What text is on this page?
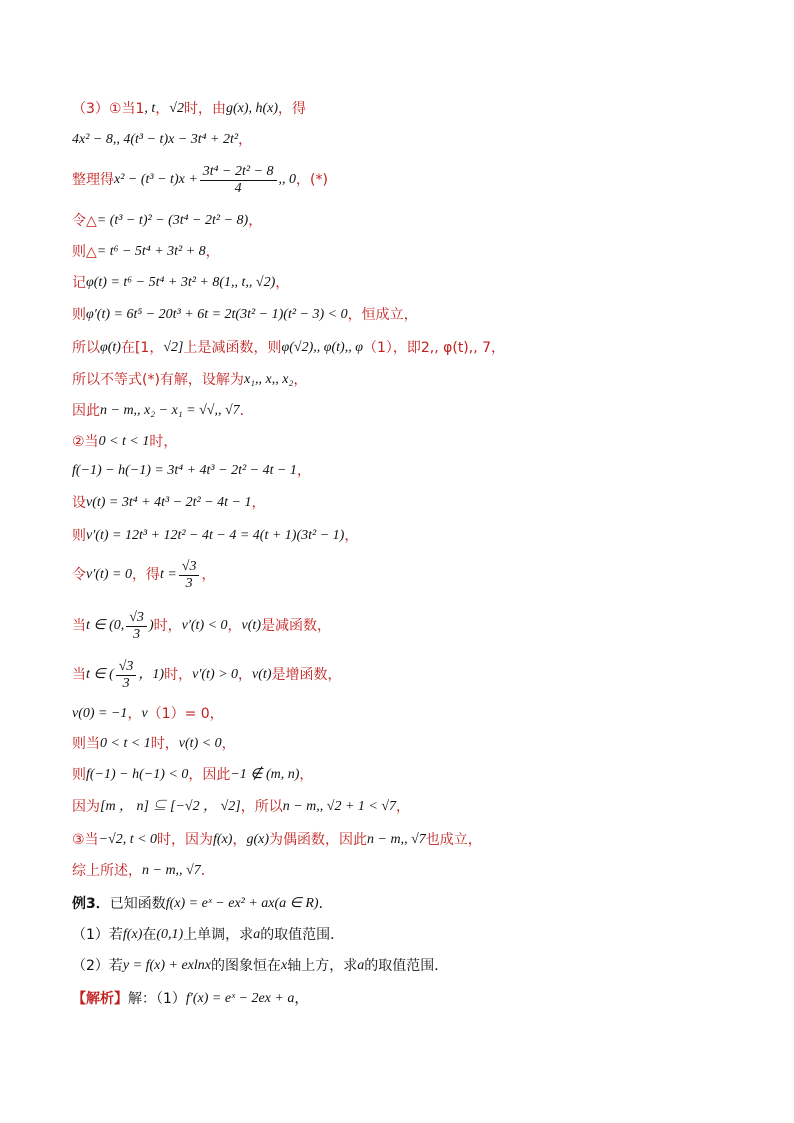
（3）①当1 , t ， √2 时，由 g(x), h(x) ，得
4x² − 8,, 4(t³ − t)x − 3t⁴ + 2t² ，
整理得 $x^2 - (t^3 - t)x + \frac{\text{3t⁴ − 2t² − 8}}{4}$ ,, 0 ，(*)
令△ = (t³ − t)² − (3t⁴ − 2t² − 8) ，
则△ = t⁶ − 5t⁴ + 3t² + 8 ，
记 φ(t) = t⁶ − 5t⁴ + 3t² + 8(1,, t,, √2) ，
则 φ′(t) = 6t⁵ − 20t³ + 6t = 2t(3t² − 1)(t² − 3) < 0 ，恒成立，
所以 φ(t) 在[1， √2] 上是减函数，则 φ(√2),, φ(t),, φ （1），即2,, φ(t),, 7，
所以不等式(*)有解，设解为 x₁,, x,, x₂ ，
因此 n − m,, x₂ − x₁ = √√,, √7 ．
②当 0 < t < 1 时，
f(−1) − h(−1) = 3t⁴ + 4t³ − 2t² − 4t − 1 ，
设 v(t) = 3t⁴ + 4t³ − 2t² − 4t − 1 ，
则 v′(t) = 12t³ + 12t² − 4t − 4 = 4(t + 1)(3t² − 1) ，
令 v′(t) = 0 ，得 $t = \frac{√3}{3}$ ，
当 t ∈ (0, $\frac{√3}{3}$ ) 时， v′(t) < 0 ， v(t) 是减函数，
当 t ∈ ( $\frac{√3}{3}$ ，1) 时， v′(t) > 0 ， v(t) 是增函数，
v(0) = −1 ， v （1）= 0，
则当 0 < t < 1 时， v(t) < 0 ，
则 f(−1) − h(−1) < 0 ，因此 −1 ∉ (m, n) ，
因为 [m ， n] ⊆ [−√2 ， √2] ，所以 n − m,, √2 + 1 < √7 ，
③当 −√2, t < 0 时，因为 f(x) ， g(x) 为偶函数，因此 n − m,, √7 也成立，
综上所述， n − m,, √7 ．
例3． 已知函数 f(x) = eˣ − ex² + ax(a ∈ R) ．
（1）若 f(x) 在 (0,1) 上单调，求 a 的取值范围．
（2）若 y = f(x) + exlnx 的图象恒在 x 轴上方，求 a 的取值范围．
【解析】 解：（1） f′(x) = eˣ − 2ex + a ，
